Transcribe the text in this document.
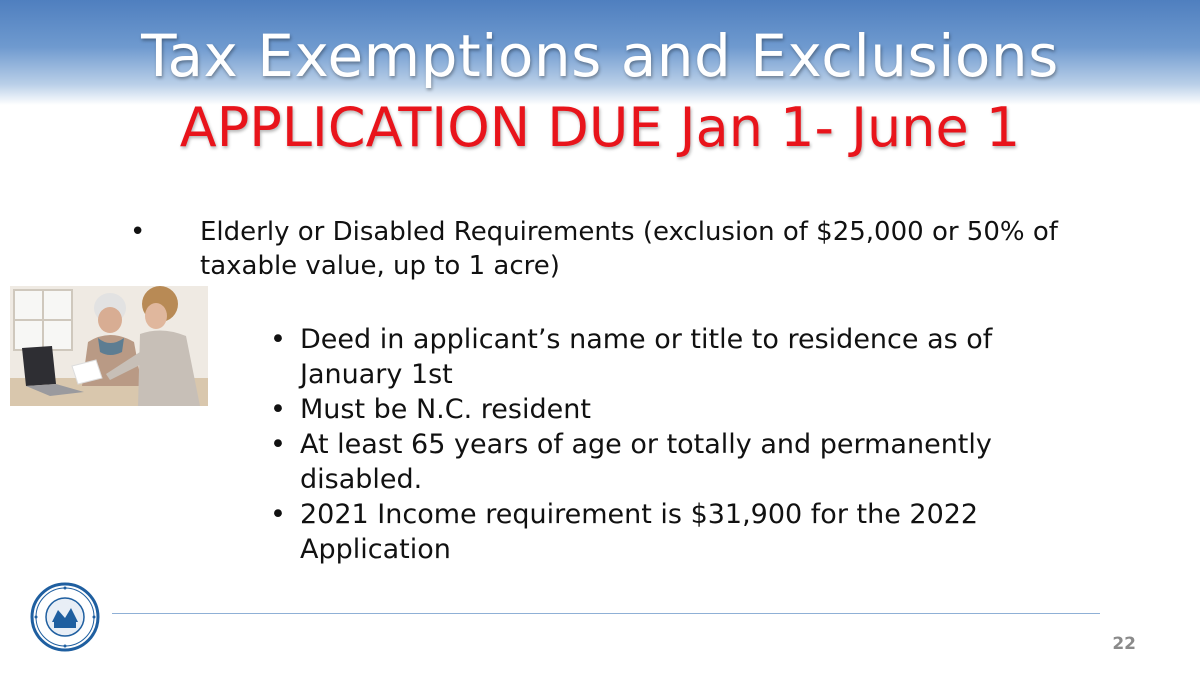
Tax Exemptions and Exclusions
APPLICATION DUE Jan 1- June 1
•	Elderly or Disabled Requirements (exclusion of $25,000 or 50% of taxable value, up to 1 acre)
• Deed in applicant’s name or title to residence as of January 1st
• Must be N.C. resident
• At least 65 years of age or totally and permanently disabled.
• 2021 Income requirement is $31,900 for the 2022 Application
22
